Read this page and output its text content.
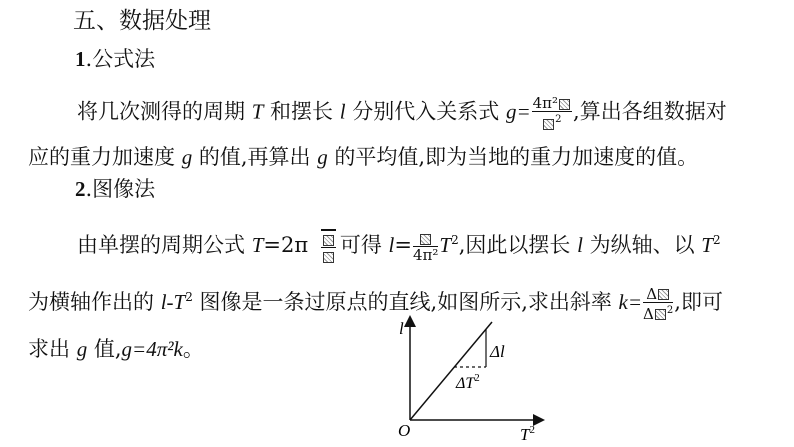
五、数据处理
1.公式法
将几次测得的周期 T 和摆长 l 分别代入关系式 $g= \frac{\text{4π²}}{^2}$ ,算出各组数据对
应的重力加速度 g 的值,再算出 g 的平均值,即为当地的重力加速度的值。
2.图像法
由单摆的周期公式 T=2π 可得 l= 4π² $T^2$,因此以摆长 l 为纵轴、以 $T^2$
为横轴作出的 $l-T^2$ 图像是一条过原点的直线,如图所示,求出斜率 $k= \frac{\Delta}{\Delta ^2}$ ,即可
求出 g 值,g=4π²k。
l
O	$T^2$
Δl
$\Delta T^2$
